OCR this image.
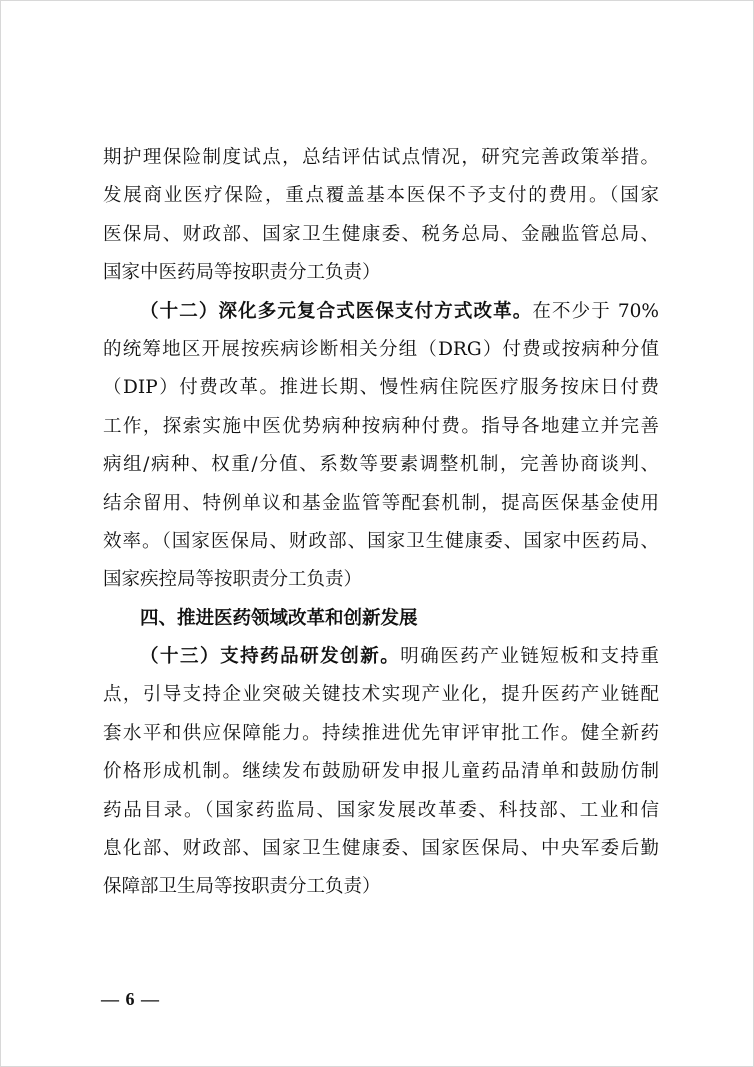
期护理保险制度试点，总结评估试点情况，研究完善政策举措。
发展商业医疗保险，重点覆盖基本医保不予支付的费用。（国家
医保局、财政部、国家卫生健康委、税务总局、金融监管总局、
国家中医药局等按职责分工负责）
（十二）深化多元复合式医保支付方式改革。在不少于 70%
的统筹地区开展按疾病诊断相关分组（DRG）付费或按病种分值
（DIP）付费改革。推进长期、慢性病住院医疗服务按床日付费
工作，探索实施中医优势病种按病种付费。指导各地建立并完善
病组/病种、权重/分值、系数等要素调整机制，完善协商谈判、
结余留用、特例单议和基金监管等配套机制，提高医保基金使用
效率。（国家医保局、财政部、国家卫生健康委、国家中医药局、
国家疾控局等按职责分工负责）
四、推进医药领域改革和创新发展
（十三）支持药品研发创新。明确医药产业链短板和支持重
点，引导支持企业突破关键技术实现产业化，提升医药产业链配
套水平和供应保障能力。持续推进优先审评审批工作。健全新药
价格形成机制。继续发布鼓励研发申报儿童药品清单和鼓励仿制
药品目录。（国家药监局、国家发展改革委、科技部、工业和信
息化部、财政部、国家卫生健康委、国家医保局、中央军委后勤
保障部卫生局等按职责分工负责）
— 6 —
